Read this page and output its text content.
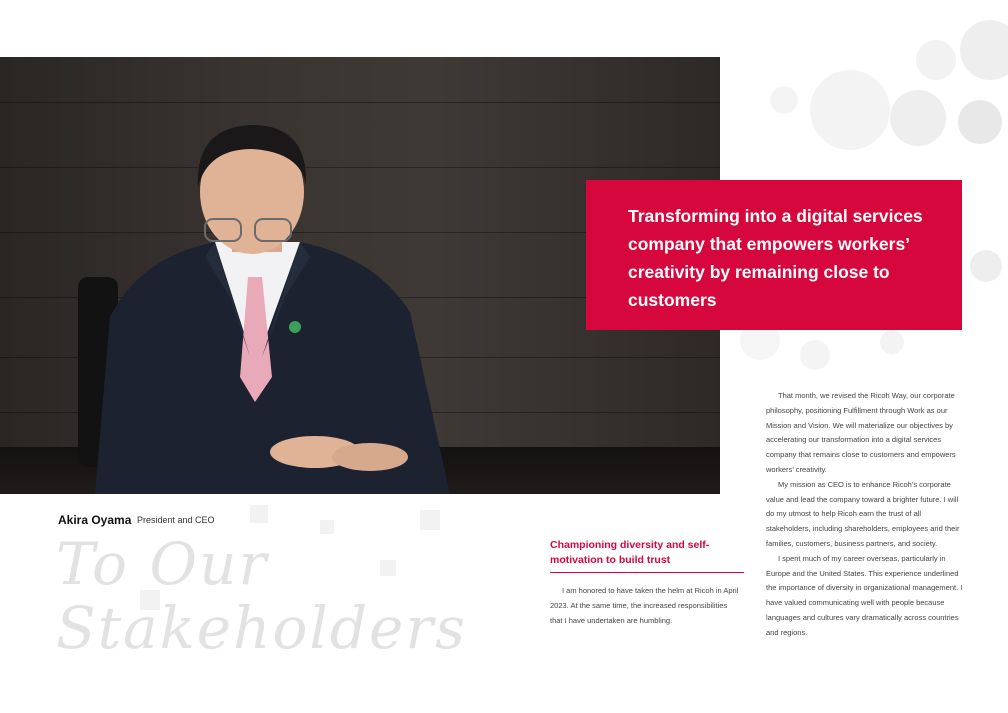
Transforming into a digital services company that empowers workers’ creativity by remaining close to customers

Akira Oyama President and CEO
To Our
Stakeholders
Championing diversity and self-motivation to build trust

I am honored to have taken the helm at Ricoh in April 2023. At the same time, the increased responsibilities that I have undertaken are humbling.

That month, we revised the Ricoh Way, our corporate philosophy, positioning Fulfillment through Work as our Mission and Vision. We will materialize our objectives by accelerating our transformation into a digital services company that remains close to customers and empowers workers’ creativity.

My mission as CEO is to enhance Ricoh’s corporate value and lead the company toward a brighter future. I will do my utmost to help Ricoh earn the trust of all stakeholders, including shareholders, employees and their families, customers, business partners, and society.

I spent much of my career overseas, particularly in Europe and the United States. This experience underlined the importance of diversity in organizational management. I have valued communicating well with people because languages and cultures vary dramatically across countries and regions.
